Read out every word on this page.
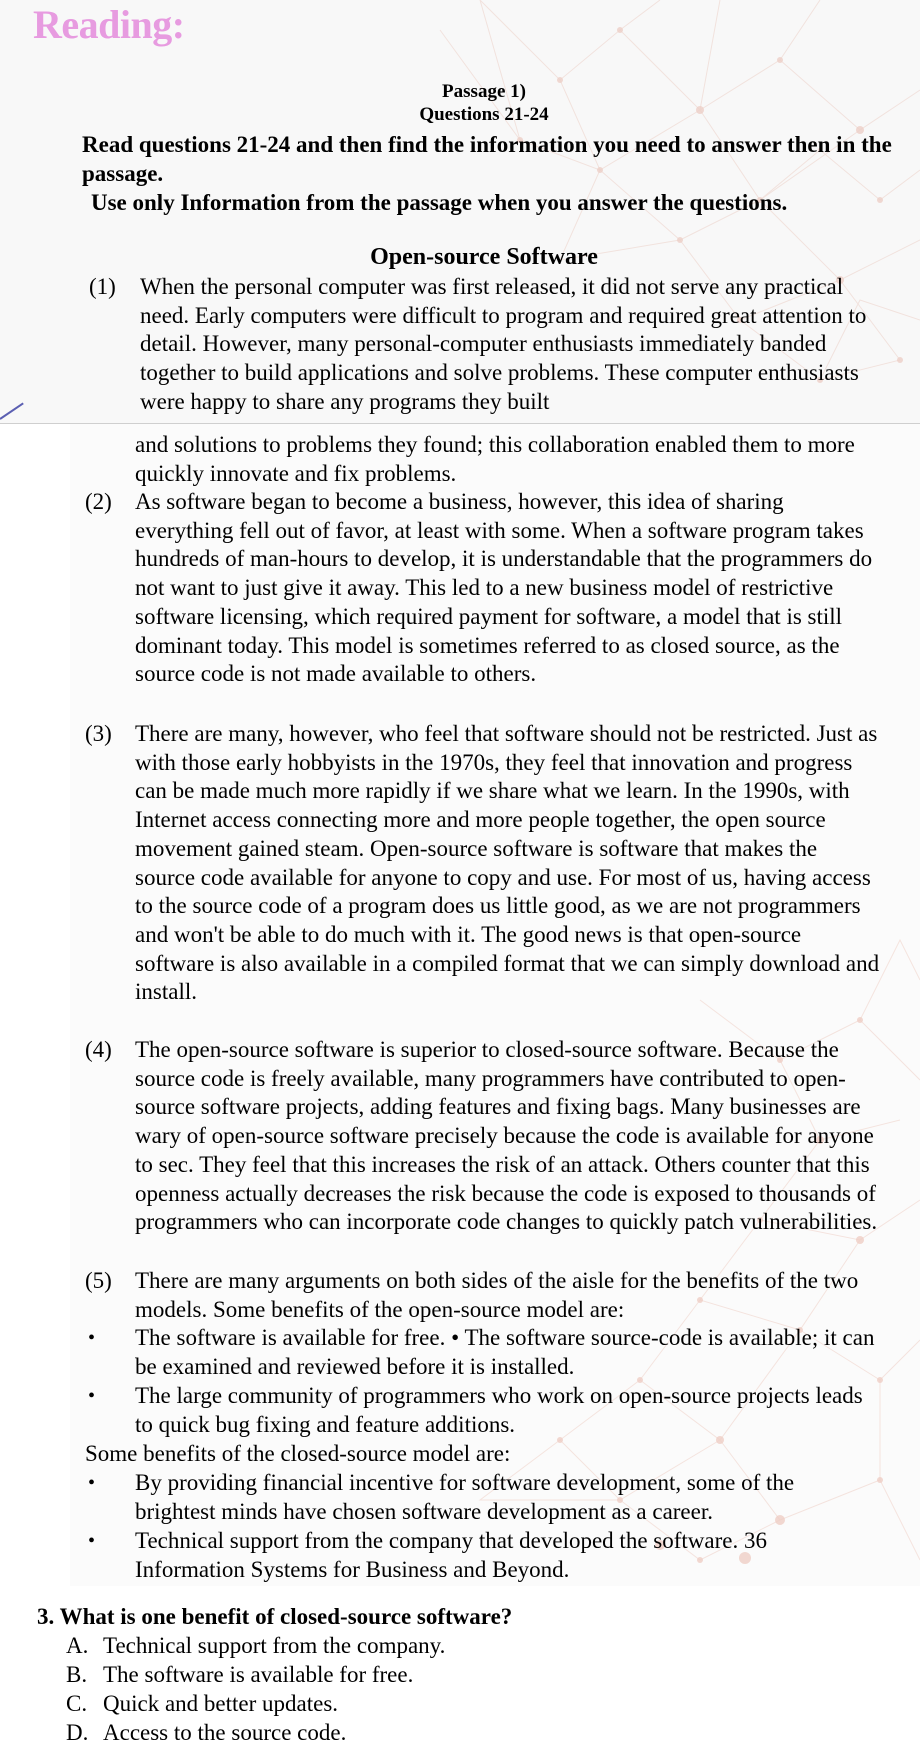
Reading:
Passage 1)
Questions 21-24
Read questions 21-24 and then find the information you need to answer then in the passage.
Use only Information from the passage when you answer the questions.
Open-source Software
(1) When the personal computer was first released, it did not serve any practical need. Early computers were difficult to program and required great attention to detail. However, many personal-computer enthusiasts immediately banded together to build applications and solve problems. These computer enthusiasts were happy to share any programs they built
and solutions to problems they found; this collaboration enabled them to more quickly innovate and fix problems.
(2) As software began to become a business, however, this idea of sharing everything fell out of favor, at least with some. When a software program takes hundreds of man-hours to develop, it is understandable that the programmers do not want to just give it away. This led to a new business model of restrictive software licensing, which required payment for software, a model that is still dominant today. This model is sometimes referred to as closed source, as the source code is not made available to others.
(3) There are many, however, who feel that software should not be restricted. Just as with those early hobbyists in the 1970s, they feel that innovation and progress can be made much more rapidly if we share what we learn. In the 1990s, with Internet access connecting more and more people together, the open source movement gained steam. Open-source software is software that makes the source code available for anyone to copy and use. For most of us, having access to the source code of a program does us little good, as we are not programmers and won't be able to do much with it. The good news is that open-source software is also available in a compiled format that we can simply download and install.
(4) The open-source software is superior to closed-source software. Because the source code is freely available, many programmers have contributed to open-source software projects, adding features and fixing bags. Many businesses are wary of open-source software precisely because the code is available for anyone to sec. They feel that this increases the risk of an attack. Others counter that this openness actually decreases the risk because the code is exposed to thousands of programmers who can incorporate code changes to quickly patch vulnerabilities.
(5) There are many arguments on both sides of the aisle for the benefits of the two models. Some benefits of the open-source model are:
• The software is available for free. • The software source-code is available; it can be examined and reviewed before it is installed.
• The large community of programmers who work on open-source projects leads to quick bug fixing and feature additions.
Some benefits of the closed-source model are:
• By providing financial incentive for software development, some of the brightest minds have chosen software development as a career.
• Technical support from the company that developed the software. 36 Information Systems for Business and Beyond.
3. What is one benefit of closed-source software?
A. Technical support from the company.
B. The software is available for free.
C. Quick and better updates.
D. Access to the source code.
